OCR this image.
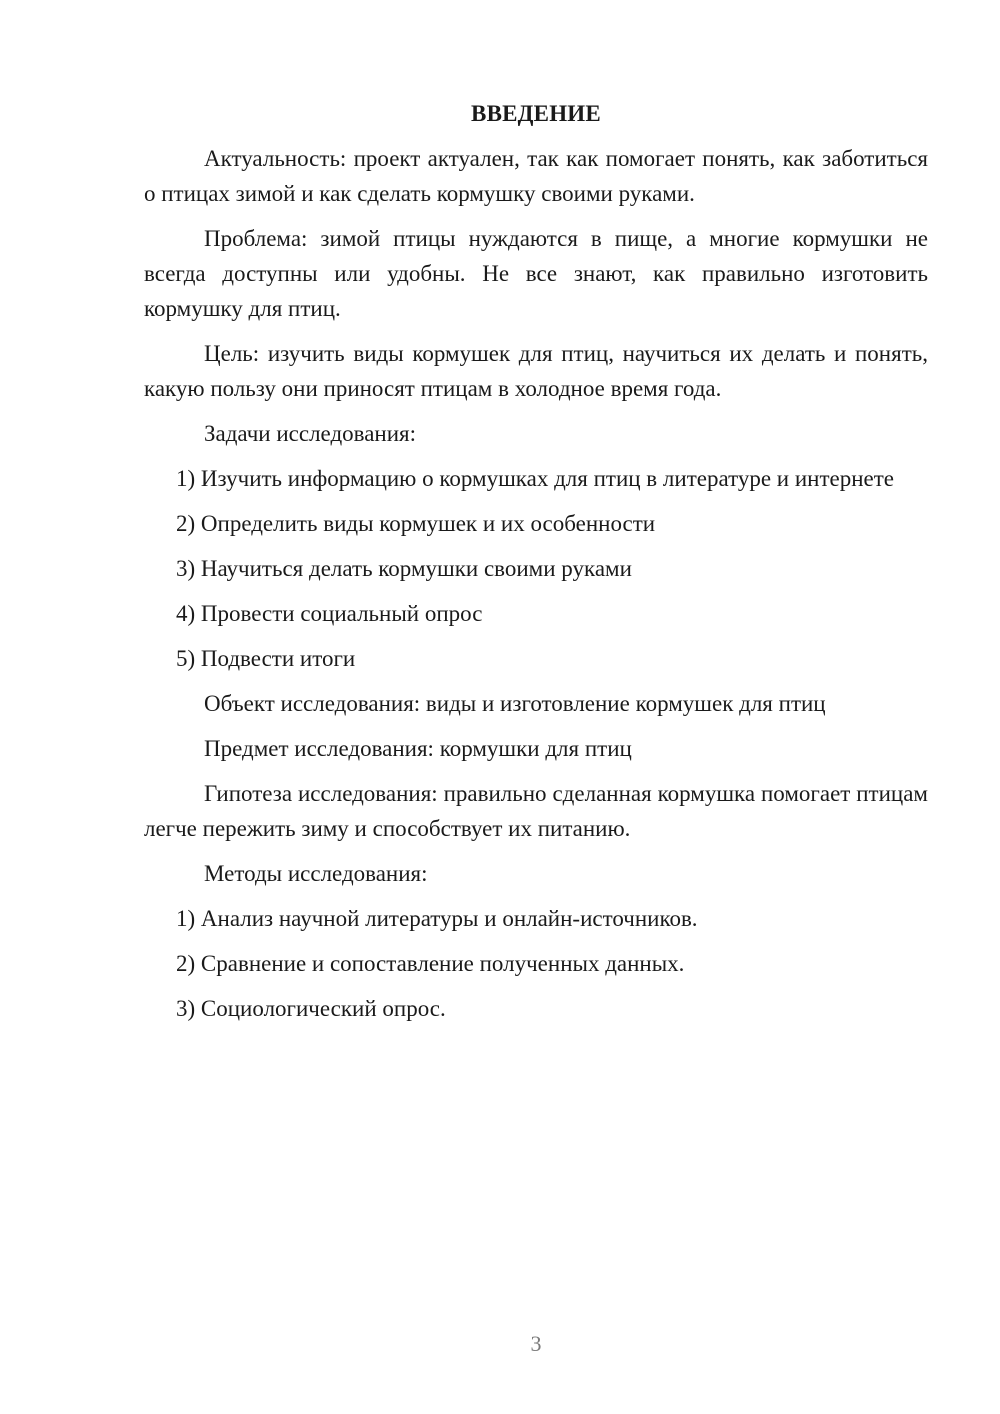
ВВЕДЕНИЕ

Актуальность: проект актуален, так как помогает понять, как заботиться о птицах зимой и как сделать кормушку своими руками.

Проблема: зимой птицы нуждаются в пище, а многие кормушки не всегда доступны или удобны. Не все знают, как правильно изготовить кормушку для птиц.

Цель: изучить виды кормушек для птиц, научиться их делать и понять, какую пользу они приносят птицам в холодное время года.

Задачи исследования:

1) Изучить информацию о кормушках для птиц в литературе и интернете

2) Определить виды кормушек и их особенности

3) Научиться делать кормушки своими руками

4) Провести социальный опрос

5) Подвести итоги

Объект исследования: виды и изготовление кормушек для птиц

Предмет исследования: кормушки для птиц

Гипотеза исследования: правильно сделанная кормушка помогает птицам легче пережить зиму и способствует их питанию.

Методы исследования:

1) Анализ научной литературы и онлайн-источников.

2) Сравнение и сопоставление полученных данных.

3) Социологический опрос.

3
